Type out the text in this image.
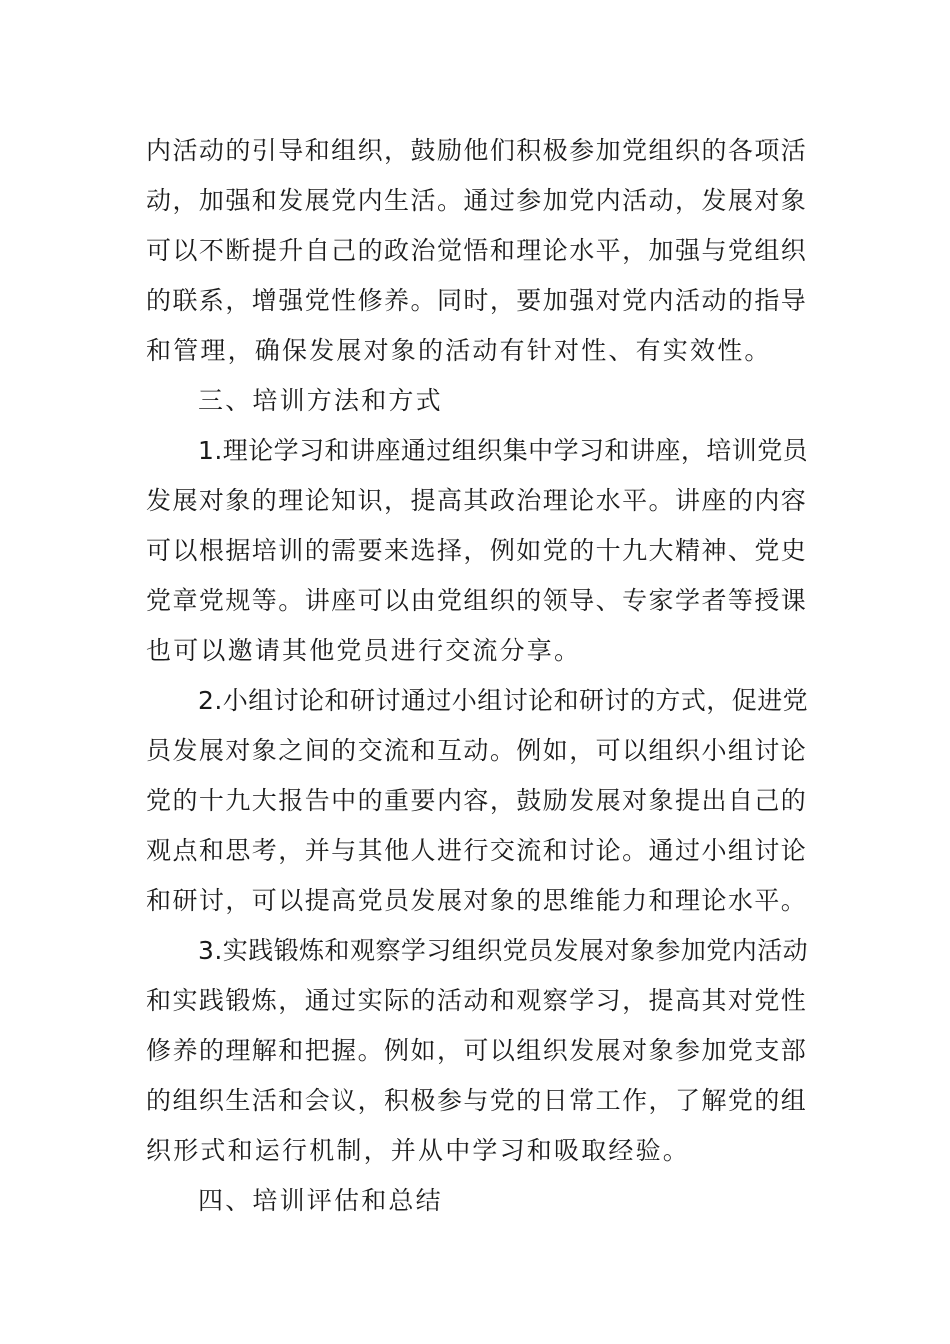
内活动的引导和组织，鼓励他们积极参加党组织的各项活
动，加强和发展党内生活。通过参加党内活动，发展对象
可以不断提升自己的政治觉悟和理论水平，加强与党组织
的联系，增强党性修养。同时，要加强对党内活动的指导
和管理，确保发展对象的活动有针对性、有实效性。
三、培训方法和方式
1.理论学习和讲座通过组织集中学习和讲座，培训党员
发展对象的理论知识，提高其政治理论水平。讲座的内容
可以根据培训的需要来选择，例如党的十九大精神、党史
党章党规等。讲座可以由党组织的领导、专家学者等授课
也可以邀请其他党员进行交流分享。
2.小组讨论和研讨通过小组讨论和研讨的方式，促进党
员发展对象之间的交流和互动。例如，可以组织小组讨论
党的十九大报告中的重要内容，鼓励发展对象提出自己的
观点和思考，并与其他人进行交流和讨论。通过小组讨论
和研讨，可以提高党员发展对象的思维能力和理论水平。
3.实践锻炼和观察学习组织党员发展对象参加党内活动
和实践锻炼，通过实际的活动和观察学习，提高其对党性
修养的理解和把握。例如，可以组织发展对象参加党支部
的组织生活和会议，积极参与党的日常工作，了解党的组
织形式和运行机制，并从中学习和吸取经验。
四、培训评估和总结
